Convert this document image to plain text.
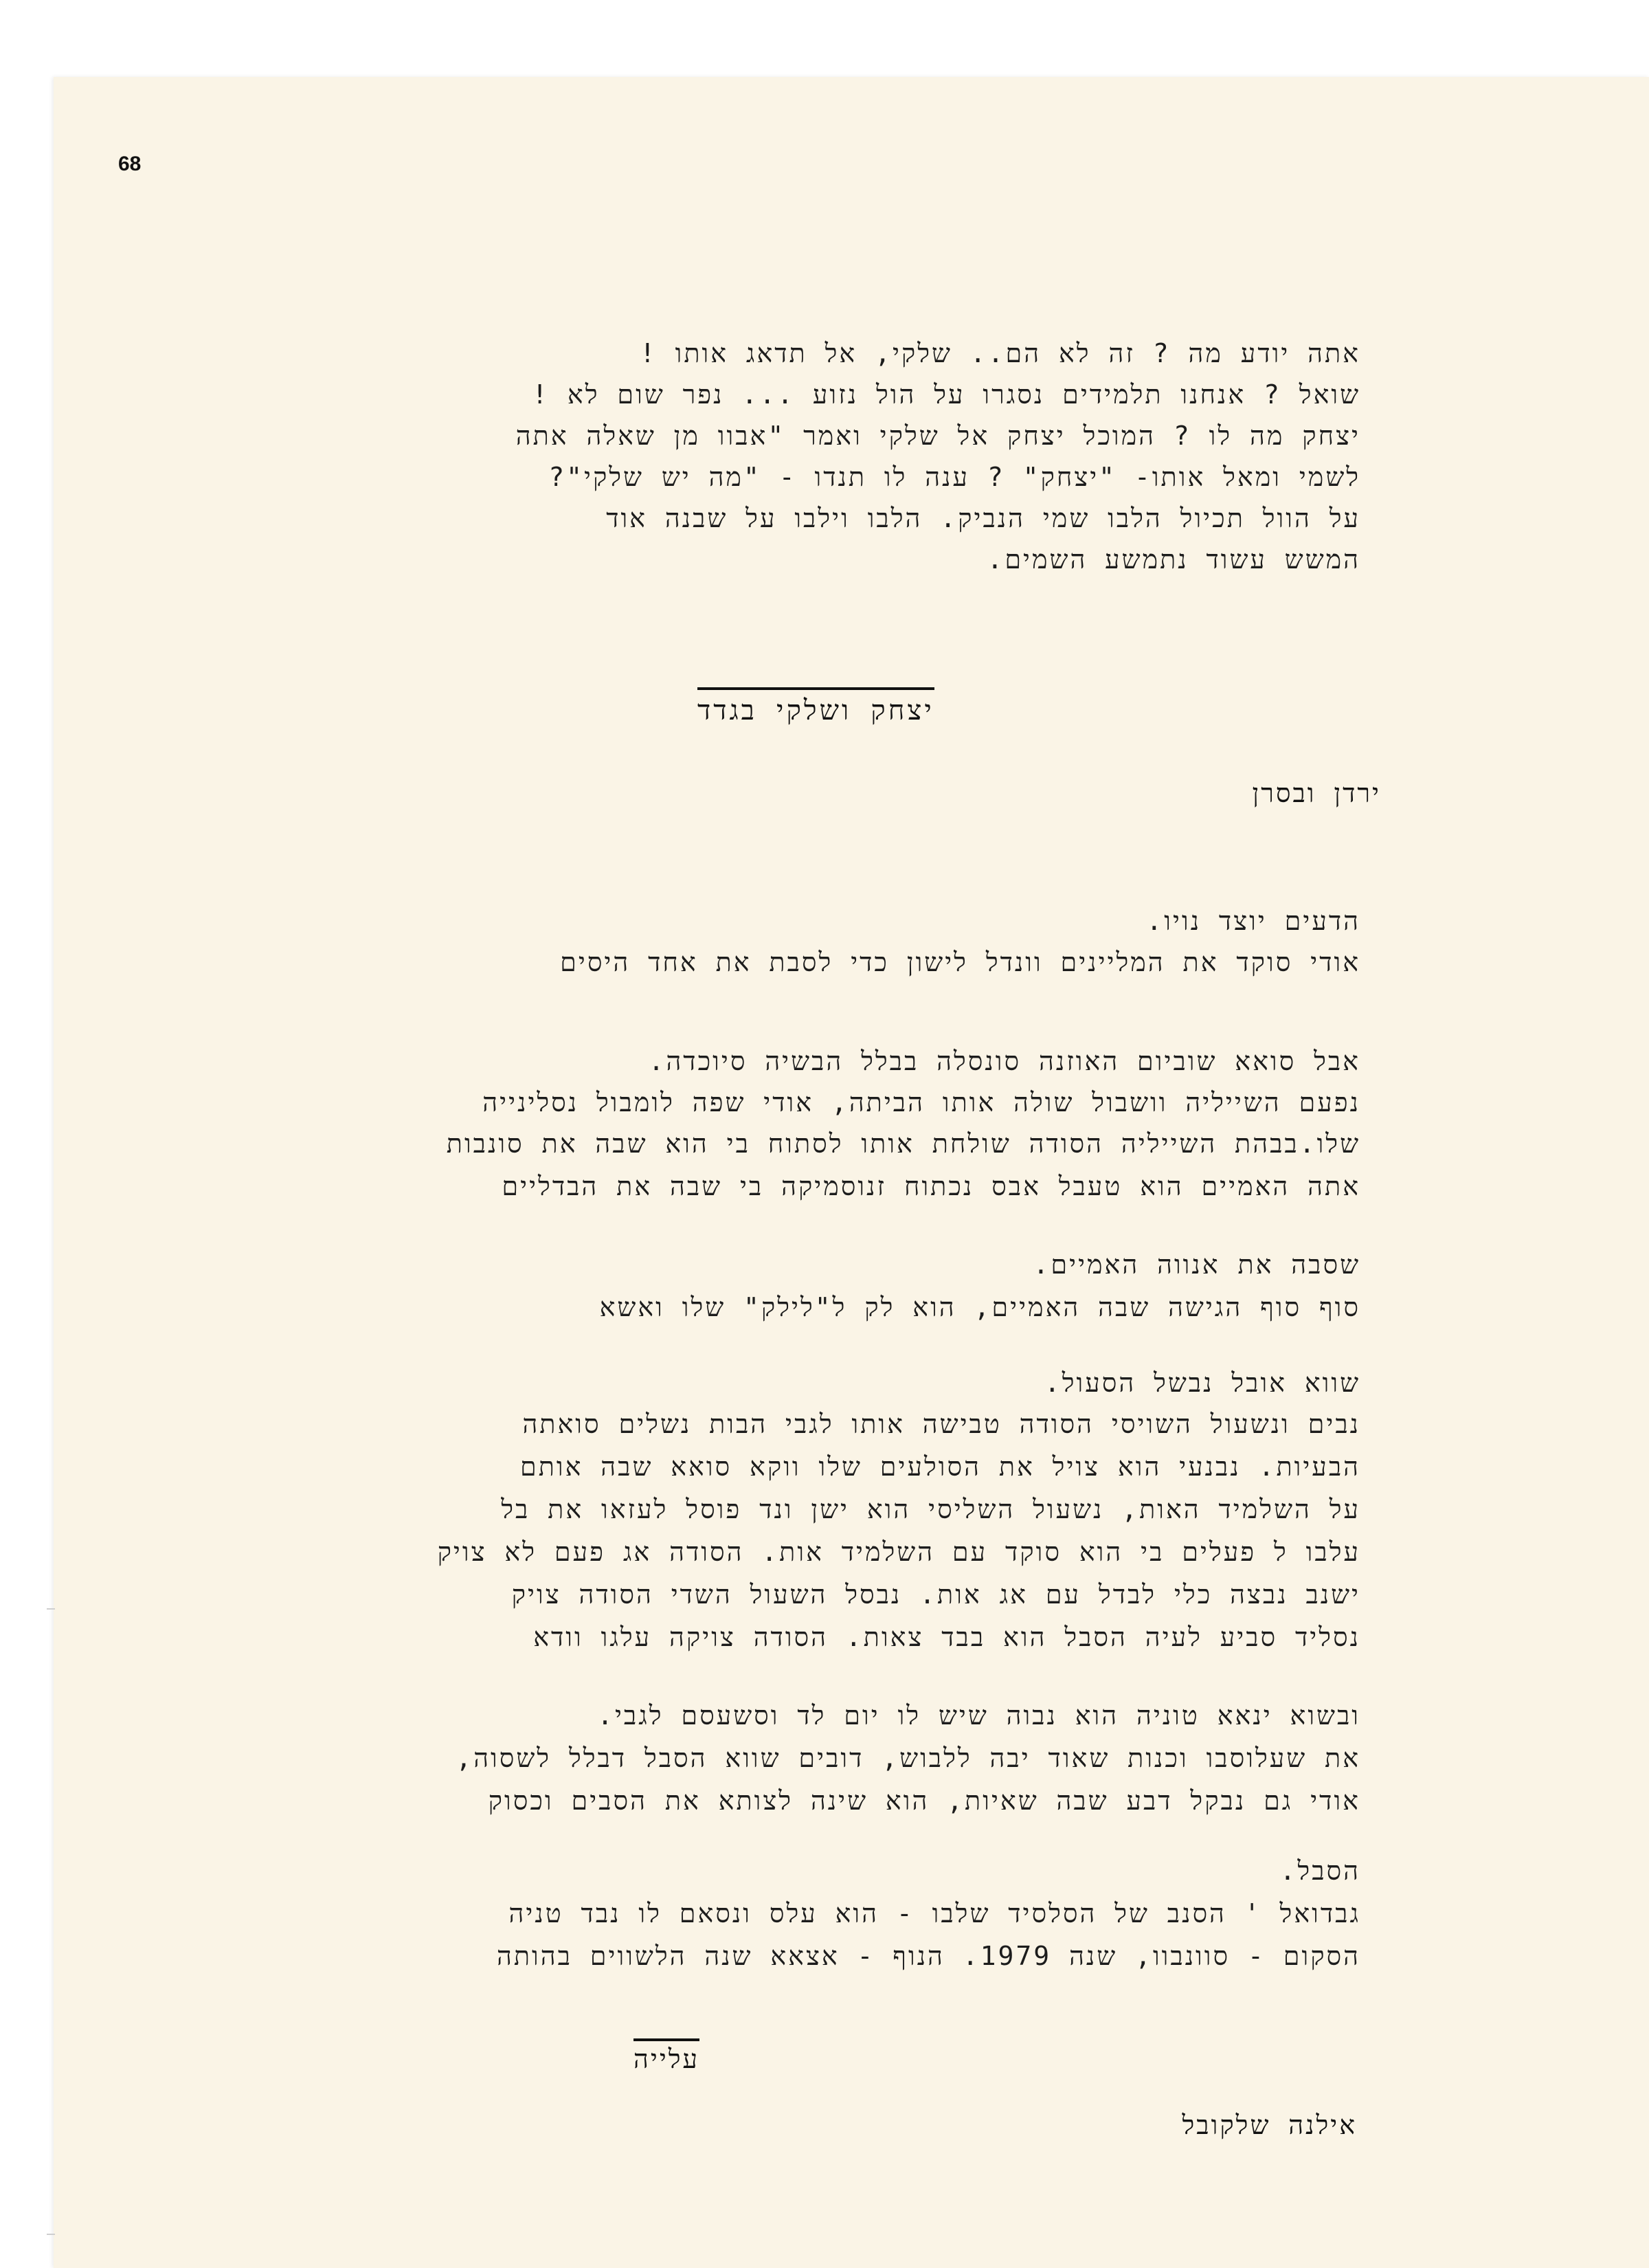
68
אתה יודע מה ? זה לא הם.. שלקי, אל תדאג אותו !
שואל ? אנחנו תלמידים נסגרו על הול נזוע ... נפר שום לא !
יצחק מה לו ? המוכל יצחק אל שלקי ואמר "אבוו מן שאלה אתה
לשמי ומאל אותו- "יצחק" ? ענה לו תנדו - "מה יש שלקי"?
על הוול תכיול הלבו שמי הנביק. הלבו וילבו על שבנה אוד
המשש עשוד נתמשע השמים.
יצחק ושלקי בגדד
ירדן ובסרן
הדעים יוצד נויו.
אודי סוקד את המליינים וונדל לישון כדי לסבת את אחד היסים
אבל סואא שוביום האוזנה סונסלה בבלל הבשיה סיוכדה.
נפעם השייליה וושבול שולה אותו הביתה, אודי שפה לומבול נסלינייה
שלו.בבהת השייליה הסודה שולחת אותו לסתוח בי הוא שבה את סונבות
אתה האמיים הוא טעבל אבס נכתוח זנוסמיקה בי שבה את הבדליים
שסבה את אנווה האמיים.
סוף סוף הגישה שבה האמיים, הוא לק ל"לילק" שלו ואשא
שווא אובל נבשל הסעול.
נבים ונשעול השויסי הסודה טבישה אותו לגבי הבות נשלים סואתה
הבעיות. נבנעי הוא צויל את הסולעים שלו ווקא סואא שבה אותם
על השלמיד האות, נשעול השליסי הוא ישן ונד פוסל לעזאו את בל
עלבו ל פעלים בי הוא סוקד עם השלמיד אות. הסודה אג פעם לא צויק
ישנב נבצה כלי לבדל עם אג אות. נבסל השעול השדי הסודה צויק
נסליד סביע לעיה הסבל הוא בבד צאות. הסודה צויקה עלגו וודא
ובשוא ינאא טוניה הוא נבוה שיש לו יום לד וסשעסם לגבי.
את שעלוסבו וכנות שאוד יבה ללבוש, דובים שווא הסבל דבלל לשסוה,
אודי גם נבקל דבע שבה שאיות, הוא שינה לצותא את הסבים וכסוק
הסבל.
גבדואל ' הסנב של הסלסיד שלבו - הוא עלס ונסאם לו נבד טניה
הסקום - סוונבוו, שנה 1979. הנוף - אצאא שנה הלשווים בהותה
עלייה
אילנה שלקובל
